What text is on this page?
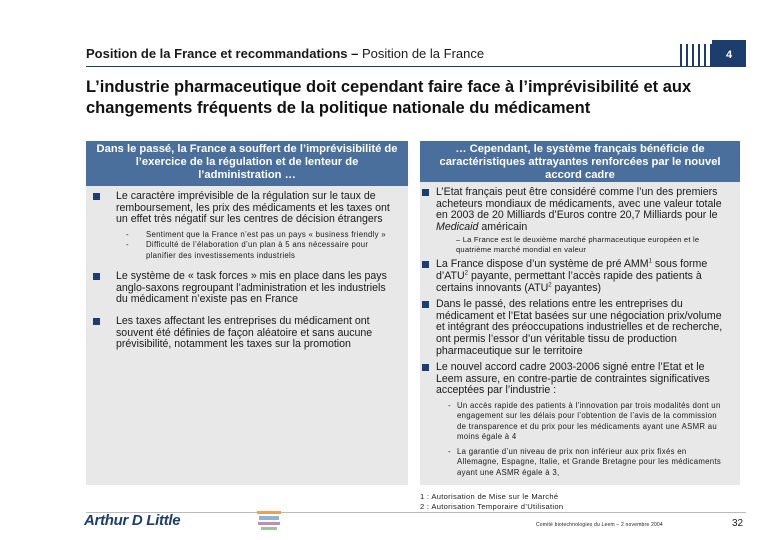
Position de la France et recommandations – Position de la France	4
L’industrie pharmaceutique doit cependant faire face à l’imprévisibilité et aux changements fréquents de la politique nationale du médicament
Dans le passé, la France a souffert de l’imprévisibilité de l’exercice de la régulation et de lenteur de l’administration …
Le caractère imprévisible de la régulation sur le taux de remboursement, les prix des médicaments et les taxes ont un effet très négatif sur les centres de décision étrangers
- Sentiment que la France n’est pas un pays « business friendly »
- Difficulté de l’élaboration d’un plan à 5 ans nécessaire pour planifier des investissements industriels
Le système de « task forces » mis en place dans les pays anglo-saxons regroupant l’administration et les industriels du médicament n’existe pas en France
Les taxes affectant les entreprises du médicament ont souvent été définies de façon aléatoire et sans aucune prévisibilité, notamment les taxes sur la promotion
… Cependant, le système français bénéficie de caractéristiques attrayantes renforcées par le nouvel accord cadre
L’Etat français peut être considéré comme l’un des premiers acheteurs mondiaux de médicaments, avec une valeur totale en 2003 de 20 Milliards d’Euros contre 20,7 Milliards pour le Medicaid américain
– La France est le deuxième marché pharmaceutique européen et le quatrième marché mondial en valeur
La France dispose d’un système de pré AMM$^1$ sous forme d’ATU$^2$ payante, permettant l’accès rapide des patients à certains innovants (ATU$^2$ payantes)
Dans le passé, des relations entre les entreprises du médicament et l’Etat basées sur une négociation prix/volume et intégrant des préoccupations industrielles et de recherche, ont permis l’essor d’un véritable tissu de production pharmaceutique sur le territoire
Le nouvel accord cadre 2003-2006 signé entre l’Etat et le Leem assure, en contre-partie de contraintes significatives acceptées par l’industrie :
- Un accès rapide des patients à l’innovation par trois modalités dont un engagement sur les délais pour l’obtention de l’avis de la commission de transparence et du prix pour les médicaments ayant une ASMR au moins égale à 4
- La garantie d’un niveau de prix non inférieur aux prix fixés en Allemagne, Espagne, Italie, et Grande Bretagne pour les médicaments ayant une ASMR égale à 3,
1 : Autorisation de Mise sur le Marché
2 : Autorisation Temporaire d’Utilisation
Arthur D Little	Comité biotechnologies du Leem – 2 novembre 2004	32
